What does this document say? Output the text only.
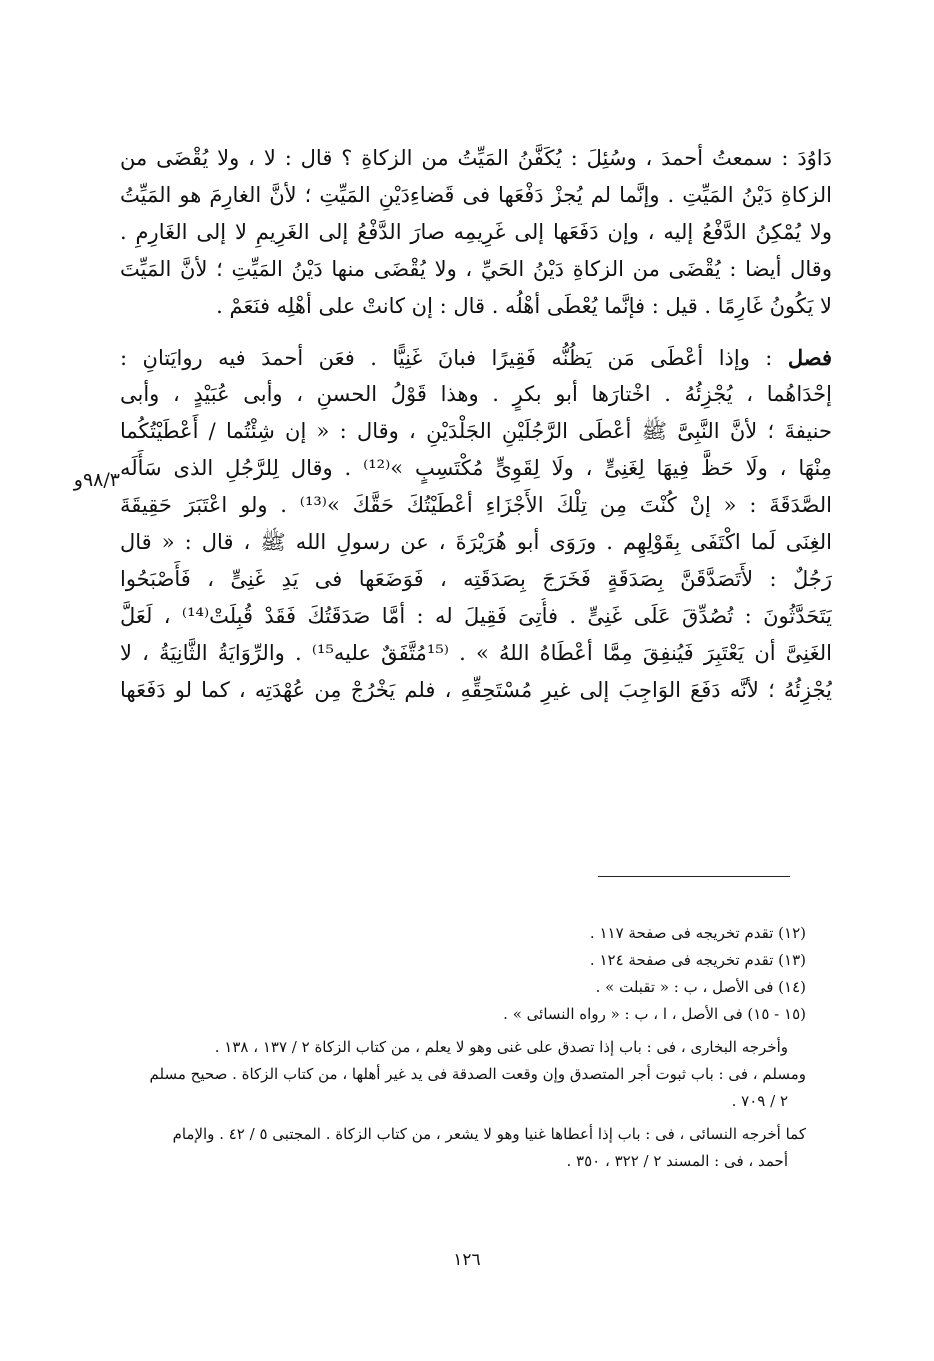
دَاوُدَ : سمعتُ أحمدَ ، وسُئِلَ : يُكَفَّنُ المَيِّتُ من الزكاةِ ؟ قال : لا ، ولا يُقْضَى من
الزكاةِ دَيْنُ المَيِّتِ . وإنَّما لم يُجزْ دَفْعَها فى قَضاءِدَيْنِ المَيِّتِ ؛ لأنَّ الغارِمَ هو المَيِّتُ
ولا يُمْكِنُ الدَّفْعُ إليه ، وإن دَفَعَها إلى غَرِيمِه صارَ الدَّفْعُ إلى الغَرِيمِ لا إلى الغَارِمِ .
وقال أيضا : يُقْضَى من الزكاةِ دَيْنُ الحَيِّ ، ولا يُقْضَى منها دَيْنُ المَيِّتِ ؛ لأنَّ المَيِّتَ
لا يَكُونُ غَارِمًا . قيل : فإنَّما يُعْطَى أهْلُه . قال : إن كانتْ على أهْلِه فنَعَمْ .
فصل : وإذا أعْطَى مَن يَظُنُّه فَقِيرًا فبانَ غَنِيًّا . فعَن أحمدَ فيه روايَتانِ :
إحْدَاهُما ، يُجْزِئُهُ . اخْتارَها أبو بكرٍ . وهذا قَوْلُ الحسنِ ، وأبى عُبَيْدٍ ، وأبى
حنيفةَ ؛ لأنَّ النَّبِىَّ ﷺ أعْطَى الرَّجُلَيْنِ الجَلْدَيْنِ ، وقال : « إن شِئْتُما / أَعْطَيْتُكُما
مِنْهَا ، ولَا حَظَّ فِيهَا لِغَنِىٍّ ، ولَا لِقَوِىٍّ مُكْتَسِبٍ »⁽¹²⁾ . وقال لِلرَّجُلِ الذى سَأَلَه
الصَّدَقَةَ : « إنْ كُنْتَ مِن تِلْكَ الأَجْزَاءِ أعْطَيْتُكَ حَقَّكَ »⁽¹³⁾ . ولو اعْتَبَرَ حَقِيقَةَ
الغِنَى لَما اكْتَفَى بِقَوْلِهِم . ورَوَى أبو هُرَيْرَةَ ، عن رسولِ الله ﷺ ، قال : « قال
رَجُلٌ : لأَتَصَدَّقَنَّ بِصَدَقَةٍ فَخَرَجَ بِصَدَقَتِه ، فَوَضَعَها فى يَدِ غَنِىٍّ ، فَأَصْبَحُوا
يَتَحَدَّثُونَ : تُصُدِّقَ عَلَى غَنِىٍّ . فأُتِىَ فَقِيلَ له : أمَّا صَدَقَتُكَ فَقَدْ قُبِلَتْ⁽¹⁴⁾ ، لَعَلَّ
الغَنِىَّ أن يَعْتَبِرَ فَيُنفِقَ مِمَّا أعْطَاهُ اللهُ » . ⁽¹⁵مُتَّفَقٌ عليه¹⁵⁾ . والرِّوَايَةُ الثَّانِيَةُ ، لا
يُجْزِئُهُ ؛ لأنَّه دَفَعَ الوَاجِبَ إلى غيرِ مُسْتَحِقِّهِ ، فلم يَخْرُجْ مِن عُهْدَتِه ، كما لو دَفَعَها
٩٨/٣و
(١٢) تقدم تخريجه فى صفحة ١١٧ .
(١٣) تقدم تخريجه فى صفحة ١٢٤ .
(١٤) فى الأصل ، ب : « تقبلت » .
(١٥ - ١٥) فى الأصل ، ا ، ب : « رواه النسائى » .
وأخرجه البخارى ، فى : باب إذا تصدق على غنى وهو لا يعلم ، من كتاب الزكاة ٢ / ١٣٧ ، ١٣٨ .
ومسلم ، فى : باب ثبوت أجر المتصدق وإن وقعت الصدقة فى يد غير أهلها ، من كتاب الزكاة . صحيح مسلم
٢ / ٧٠٩ .
كما أخرجه النسائى ، فى : باب إذا أعطاها غنيا وهو لا يشعر ، من كتاب الزكاة . المجتبى ٥ / ٤٢ . والإمام
أحمد ، فى : المسند ٢ / ٣٢٢ ، ٣٥٠ .
١٢٦
